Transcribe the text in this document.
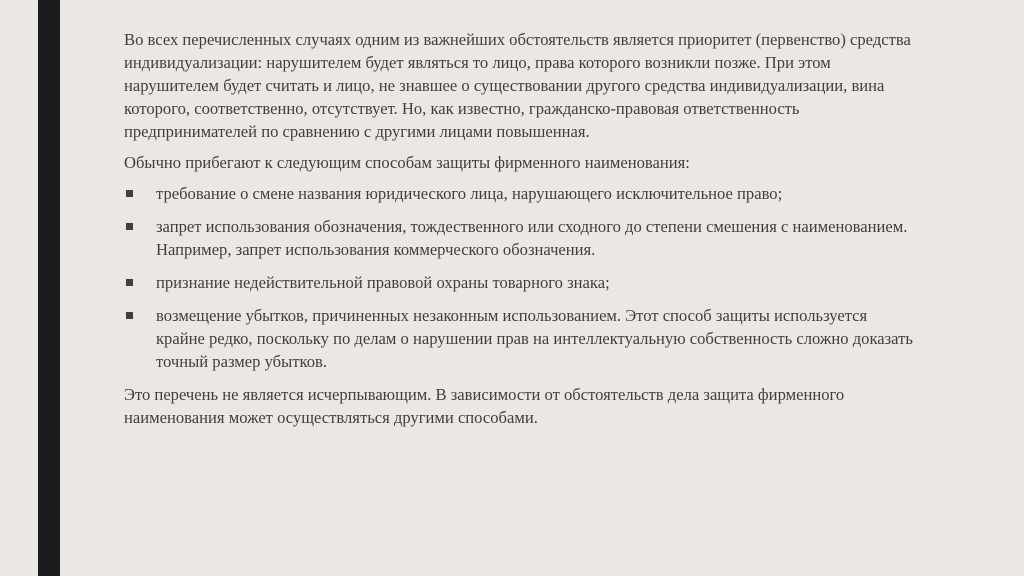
Во всех перечисленных случаях одним из важнейших обстоятельств является приоритет (первенство) средства индивидуализации: нарушителем будет являться то лицо, права которого возникли позже. При этом нарушителем будет считать и лицо, не знавшее о существовании другого средства индивидуализации, вина которого, соответственно, отсутствует. Но, как известно, гражданско-правовая ответственность предпринимателей по сравнению с другими лицами повышенная.

Обычно прибегают к следующим способам защиты фирменного наименования:

требование о смене названия юридического лица, нарушающего исключительное право;
запрет использования обозначения, тождественного или сходного до степени смешения с наименованием. Например, запрет использования коммерческого обозначения.
признание недействительной правовой охраны товарного знака;
возмещение убытков, причиненных незаконным использованием. Этот способ защиты используется крайне редко, поскольку по делам о нарушении прав на интеллектуальную собственность сложно доказать точный размер убытков.

Это перечень не является исчерпывающим. В зависимости от обстоятельств дела защита фирменного наименования может осуществляться другими способами.
